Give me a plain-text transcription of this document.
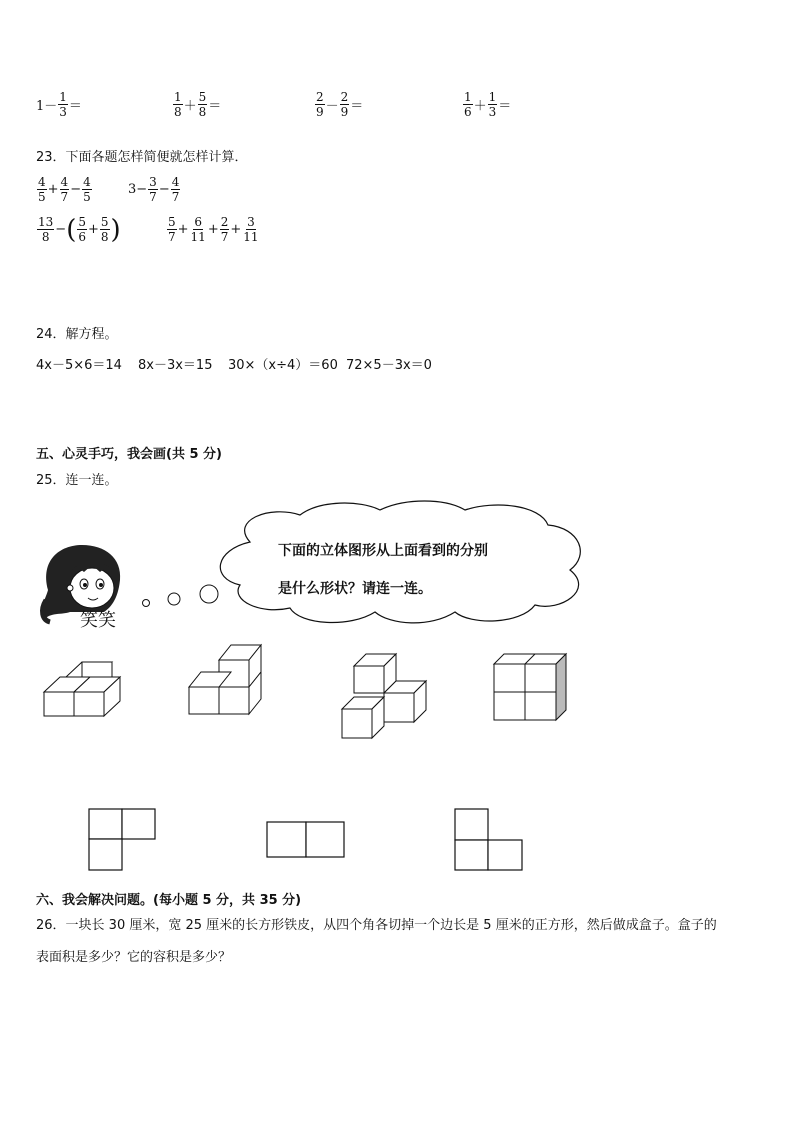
$1- \frac{1}{3}$ ＝	$\frac{1}{8} + \frac{5}{8}$ ＝	$\frac{2}{9} - \frac{2}{9}$ ＝	$\frac{1}{6} + \frac{1}{3}$ ＝
23．下面各题怎样简便就怎样计算．
$\frac{4}{5} + \frac{4}{7} - \frac{4}{5}$	$3- \frac{3}{7} - \frac{4}{7}$
$\frac{13}{8}$ − ( $\frac{5}{6} + \frac{5}{8}$ )	$\frac{5}{7} + \frac{6}{11} + \frac{2}{7} + \frac{3}{11}$
24．解方程。
4x－5×6＝14 8x－3x＝15 30×（x÷4）＝60 72×5－3x＝0
五、心灵手巧，我会画(共 5 分)
25．连一连。
下面的立体图形从上面看到的分别
是什么形状？请连一连。
笑笑
六、我会解决问题。(每小题 5 分，共 35 分)
26．一块长 30 厘米，宽 25 厘米的长方形铁皮，从四个角各切掉一个边长是 5 厘米的正方形，然后做成盒子。盒子的
表面积是多少？它的容积是多少？
